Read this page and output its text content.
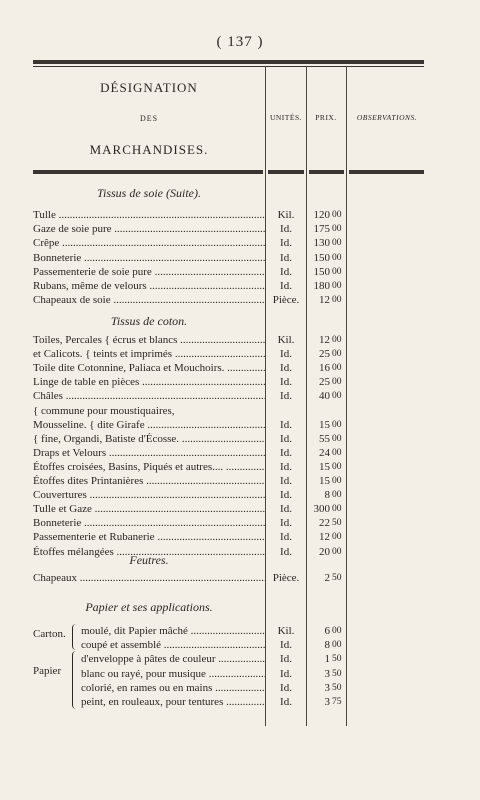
( 137 )
DÉSIGNATION
DES
MARCHANDISES.
UNITÉS.	PRIX.	OBSERVATIONS.
Tissus de soie (Suite).
Tulle .....	Kil.	120 00
Gaze de soie pure .....	Id.	175 00
Crêpe .....	Id.	130 00
Bonneterie .....	Id.	150 00
Passementerie de soie pure .....	Id.	150 00
Rubans, même de velours .....	Id.	180 00
Chapeaux de soie .....	Pièce.	12 00
Tissus de coton.
Toiles, Percales { écrus et blancs .....	Kil.	12 00
et Calicots. { teints et imprimés .....	Id.	25 00
Toile dite Cotonnine, Paliaca et Mouchoirs. .....	Id.	16 00
Linge de table en pièces .....	Id.	25 00
Châles .....	Id.	40 00
{ commune pour moustiquaires,
Mousseline. { dite Girafe .....	Id.	15 00
{ fine, Organdi, Batiste d'Écosse. .....	Id.	55 00
Draps et Velours .....	Id.	24 00
Étoffes croisées, Basins, Piqués et autres.... .....	Id.	15 00
Étoffes dites Printanières .....	Id.	15 00
Couvertures .....	Id.	8 00
Tulle et Gaze .....	Id.	300 00
Bonneterie .....	Id.	22 50
Passementerie et Rubanerie .....	Id.	12 00
Étoffes mélangées .....	Id.	20 00
Feutres.
Chapeaux .....	Pièce.	2 50
Papier et ses applications.
Carton.
Papier
moulé, dit Papier mâché .....	Kil.	6 00
coupé et assemblé .....	Id.	8 00
d'enveloppe à pâtes de couleur .....	Id.	1 50
blanc ou rayé, pour musique .....	Id.	3 50
colorié, en rames ou en mains .....	Id.	3 50
peint, en rouleaux, pour tentures .....	Id.	3 75
